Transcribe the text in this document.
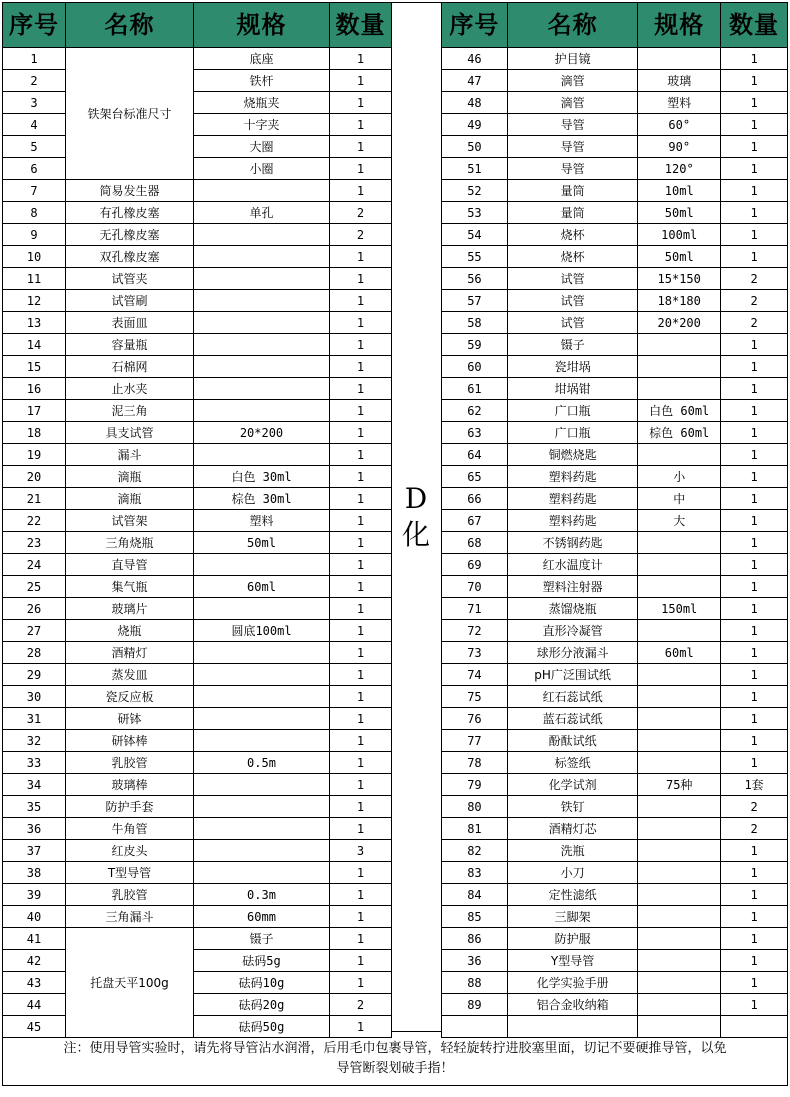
序号	名称	规格	数量
1	铁架台标准尺寸	底座	1
2		铁杆	1
3		烧瓶夹	1
4		十字夹	1
5		大圈	1
6		小圈	1
7	简易发生器		1
8	有孔橡皮塞	单孔	2
9	无孔橡皮塞		2
10	双孔橡皮塞		1
11	试管夹		1
12	试管刷		1
13	表面皿		1
14	容量瓶		1
15	石棉网		1
16	止水夹		1
17	泥三角		1
18	具支试管	20*200	1
19	漏斗		1
20	滴瓶	白色 30ml	1
21	滴瓶	棕色 30ml	1
22	试管架	塑料	1
23	三角烧瓶	50ml	1
24	直导管		1
25	集气瓶	60ml	1
26	玻璃片		1
27	烧瓶	圆底100ml	1
28	酒精灯		1
29	蒸发皿		1
30	瓷反应板		1
31	研钵		1
32	研钵棒		1
33	乳胶管	0.5m	1
34	玻璃棒		1
35	防护手套		1
36	牛角管		1
37	红皮头		3
38	T型导管		1
39	乳胶管	0.3m	1
40	三角漏斗	60mm	1
41	托盘天平100g	镊子	1
42		砝码5g	1
43		砝码10g	1
44		砝码20g	2
45		砝码50g	1
D
化
序号	名称	规格	数量
46	护目镜		1
47	滴管	玻璃	1
48	滴管	塑料	1
49	导管	60°	1
50	导管	90°	1
51	导管	120°	1
52	量筒	10ml	1
53	量筒	50ml	1
54	烧杯	100ml	1
55	烧杯	50ml	1
56	试管	15*150	2
57	试管	18*180	2
58	试管	20*200	2
59	镊子		1
60	瓷坩埚		1
61	坩埚钳		1
62	广口瓶	白色 60ml	1
63	广口瓶	棕色 60ml	1
64	铜燃烧匙		1
65	塑料药匙	小	1
66	塑料药匙	中	1
67	塑料药匙	大	1
68	不锈钢药匙		1
69	红水温度计		1
70	塑料注射器		1
71	蒸馏烧瓶	150ml	1
72	直形冷凝管		1
73	球形分液漏斗	60ml	1
74	pH广泛围试纸		1
75	红石蕊试纸		1
76	蓝石蕊试纸		1
77	酚酞试纸		1
78	标签纸		1
79	化学试剂	75种	1套
80	铁钉		2
81	酒精灯芯		2
82	洗瓶		1
83	小刀		1
84	定性滤纸		1
85	三脚架		1
86	防护服		1
36	Y型导管		1
88	化学实验手册		1
89	铝合金收纳箱		1

注：使用导管实验时，请先将导管沾水润滑，后用毛巾包裹导管，轻轻旋转拧进胶塞里面，切记不要硬推导管，以免
导管断裂划破手指！
